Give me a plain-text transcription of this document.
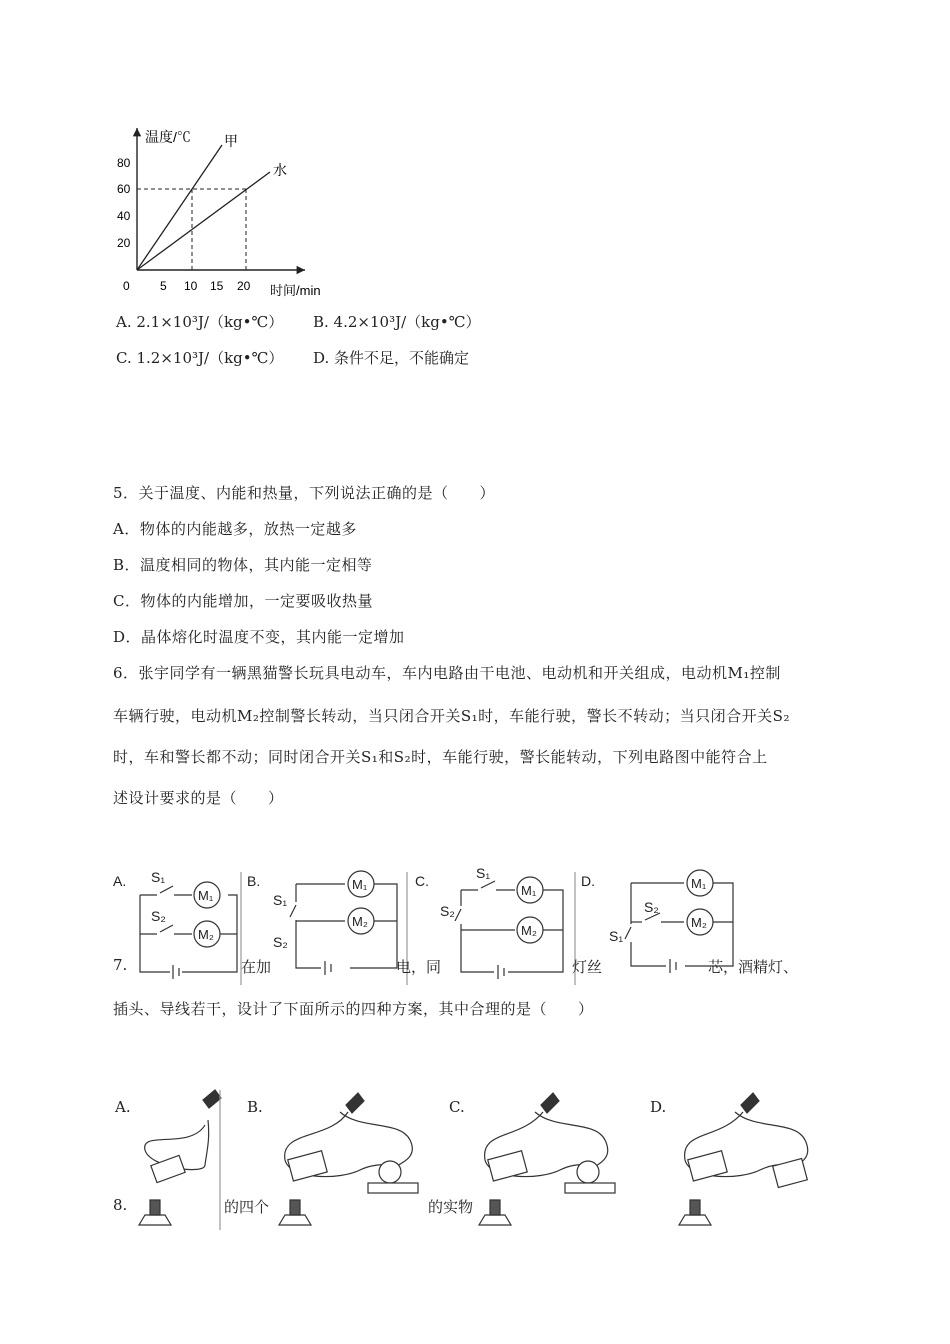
温度/℃
时间/min
80
60
40
20
0	5 10 15 20
甲
水
A. 2.1×10³J/（kg•℃） B. 4.2×10³J/（kg•℃）
C. 1.2×10³J/（kg•℃） D. 条件不足，不能确定
5．关于温度、内能和热量，下列说法正确的是（　　）
A．物体的内能越多，放热一定越多
B．温度相同的物体，其内能一定相等
C．物体的内能增加，一定要吸收热量
D．晶体熔化时温度不变，其内能一定增加
6．张宇同学有一辆黑猫警长玩具电动车，车内电路由干电池、电动机和开关组成，电动机M₁控制
车辆行驶，电动机M₂控制警长转动，当只闭合开关S₁时，车能行驶，警长不转动；当只闭合开关S₂
时，车和警长都不动；同时闭合开关S₁和S₂时，车能行驶，警长能转动，下列电路图中能符合上
述设计要求的是（　　）
A.	B.	C.	D.
S₁
S₂
M₁
M₂
S₁
S₂
M₁
M₂
S₁
S₂
M₁
M₂
S₂
S₁
M₁
M₂
7.	在加	电，同	灯丝	芯，酒精灯、
插头、导线若干，设计了下面所示的四种方案，其中合理的是（　　）
A.	B.	C.	D.
8.	的四个	的实物
